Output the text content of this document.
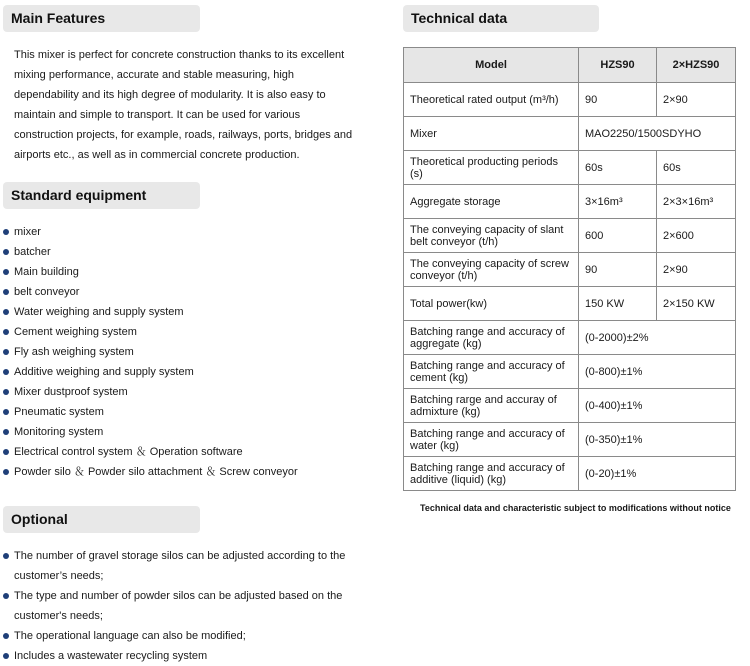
Main Features

This mixer is perfect for concrete construction thanks to its excellent mixing performance, accurate and stable measuring, high dependability and its high degree of modularity. It is also easy to maintain and simple to transport. It can be used for various construction projects, for example, roads, railways, ports, bridges and airports etc., as well as in commercial concrete production.

Standard equipment
mixer
batcher
Main building
belt conveyor
Water weighing and supply system
Cement weighing system
Fly ash weighing system
Additive weighing and supply system
Mixer dustproof system
Pneumatic system
Monitoring system
Electrical control system ＆ Operation software
Powder silo ＆ Powder silo attachment ＆ Screw conveyor
Optional
The number of gravel storage silos can be adjusted according to the customer’s needs;
The type and number of powder silos can be adjusted based on the customer's needs;
The operational language can also be modified;
Includes a wastewater recycling system
Technical data
Model	HZS90	2×HZS90
Theoretical rated output (m³/h)	90	2×90
Mixer	MAO2250/1500SDYHO	
Theoretical producting periods (s)	60s	60s
Aggregate storage	3×16m³	2×3×16m³
The conveying capacity of slant belt conveyor (t/h)	600	2×600
The conveying capacity of screw conveyor (t/h)	90	2×90
Total power(kw)	150 KW	2×150 KW
Batching range and accuracy of aggregate (kg)	(0-2000)±2%	
Batching range and accuracy of cement (kg)	(0-800)±1%	
Batching rarge and accuray of admixture (kg)	(0-400)±1%	
Batching range and accuracy of water (kg)	(0-350)±1%	
Batching range and accuracy of additive (liquid) (kg)	(0-20)±1%	
Technical data and characteristic subject to modifications without notice
